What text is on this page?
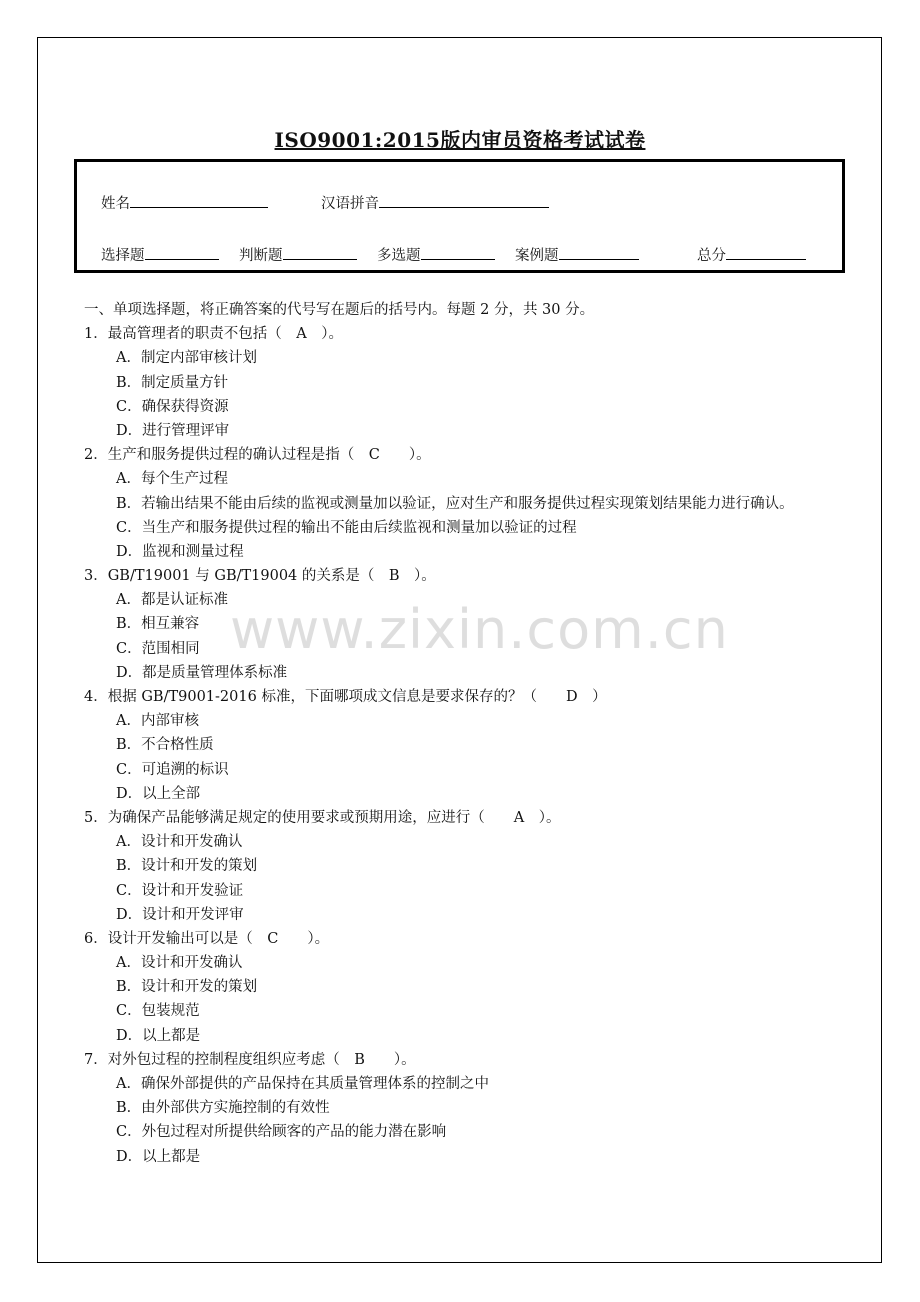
ISO9001:2015版内审员资格考试试卷
姓名	汉语拼音
选择题	判断题	多选题	案例题	总分
一、单项选择题，将正确答案的代号写在题后的括号内。每题 2 分，共 30 分。
1．最高管理者的职责不包括（　A　）。
A．制定内部审核计划
B．制定质量方针
C．确保获得资源
D．进行管理评审
2．生产和服务提供过程的确认过程是指（　C　　）。
A．每个生产过程
B．若输出结果不能由后续的监视或测量加以验证，应对生产和服务提供过程实现策划结果能力进行确认。
C．当生产和服务提供过程的输出不能由后续监视和测量加以验证的过程
D．监视和测量过程
3．GB/T19001 与 GB/T19004 的关系是（　B　）。
A．都是认证标准
B．相互兼容
C．范围相同
D．都是质量管理体系标准
4．根据 GB/T9001-2016 标准，下面哪项成文信息是要求保存的？（　　D　）
A．内部审核
B．不合格性质
C．可追溯的标识
D．以上全部
5．为确保产品能够满足规定的使用要求或预期用途，应进行（　　A　）。
A．设计和开发确认
B．设计和开发的策划
C．设计和开发验证
D．设计和开发评审
6．设计开发输出可以是（　C　　）。
A．设计和开发确认
B．设计和开发的策划
C．包装规范
D．以上都是
7．对外包过程的控制程度组织应考虑（　B　　）。
A．确保外部提供的产品保持在其质量管理体系的控制之中
B．由外部供方实施控制的有效性
C．外包过程对所提供给顾客的产品的能力潜在影响
D．以上都是
www.zixin.com.cn
